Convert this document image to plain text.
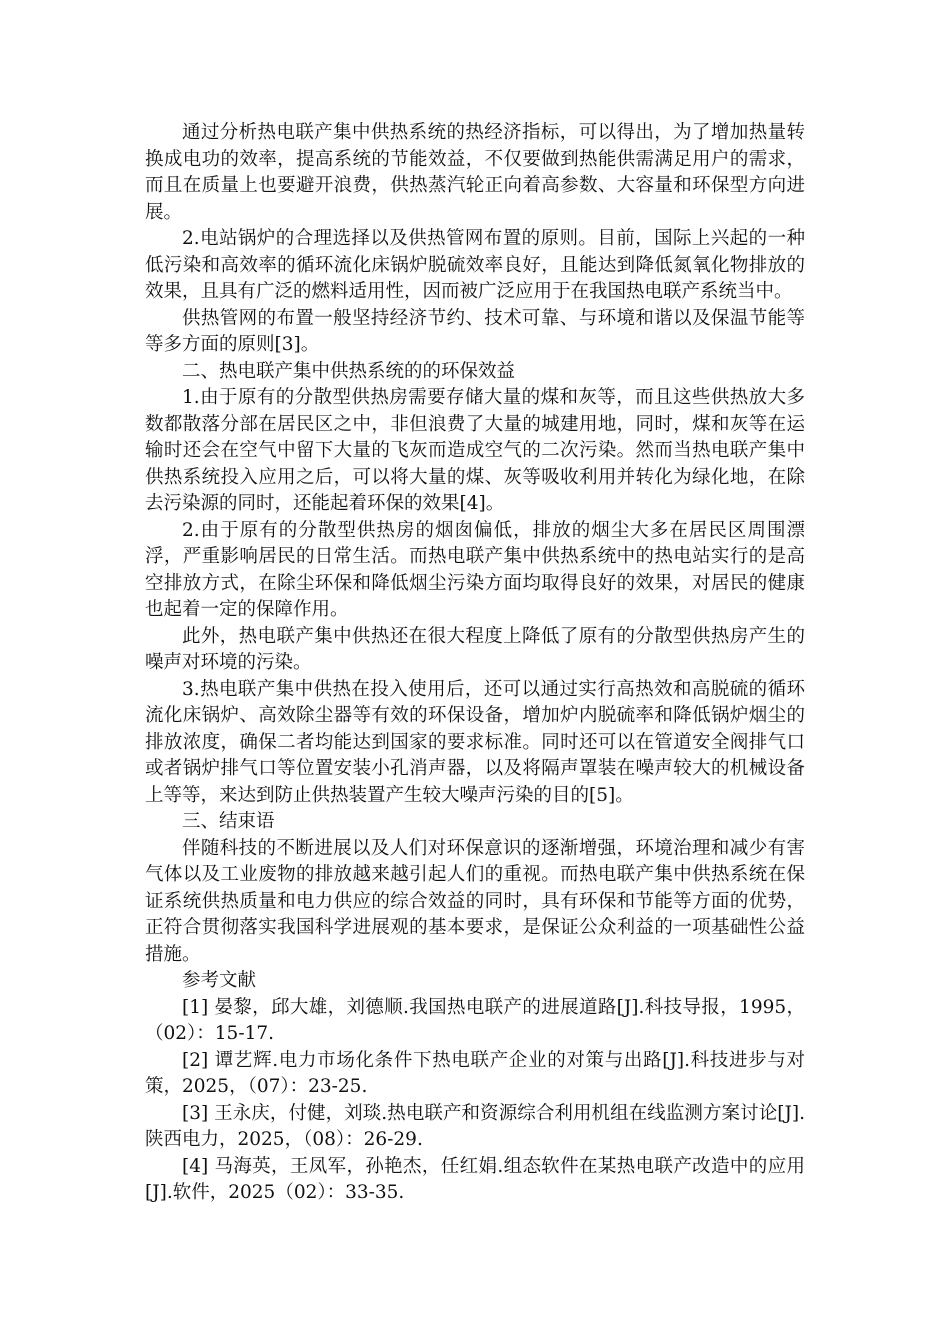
通过分析热电联产集中供热系统的热经济指标，可以得出，为了增加热量转换成电功的效率，提高系统的节能效益，不仅要做到热能供需满足用户的需求，而且在质量上也要避开浪费，供热蒸汽轮正向着高参数、大容量和环保型方向进展。

2.电站锅炉的合理选择以及供热管网布置的原则。目前，国际上兴起的一种低污染和高效率的循环流化床锅炉脱硫效率良好，且能达到降低氮氧化物排放的效果，且具有广泛的燃料适用性，因而被广泛应用于在我国热电联产系统当中。

供热管网的布置一般坚持经济节约、技术可靠、与环境和谐以及保温节能等等多方面的原则[3]。

二、热电联产集中供热系统的的环保效益

1.由于原有的分散型供热房需要存储大量的煤和灰等，而且这些供热放大多数都散落分部在居民区之中，非但浪费了大量的城建用地，同时，煤和灰等在运输时还会在空气中留下大量的飞灰而造成空气的二次污染。然而当热电联产集中供热系统投入应用之后，可以将大量的煤、灰等吸收利用并转化为绿化地，在除去污染源的同时，还能起着环保的效果[4]。

2.由于原有的分散型供热房的烟囱偏低，排放的烟尘大多在居民区周围漂浮，严重影响居民的日常生活。而热电联产集中供热系统中的热电站实行的是高空排放方式，在除尘环保和降低烟尘污染方面均取得良好的效果，对居民的健康也起着一定的保障作用。

此外，热电联产集中供热还在很大程度上降低了原有的分散型供热房产生的噪声对环境的污染。

3.热电联产集中供热在投入使用后，还可以通过实行高热效和高脱硫的循环流化床锅炉、高效除尘器等有效的环保设备，增加炉内脱硫率和降低锅炉烟尘的排放浓度，确保二者均能达到国家的要求标准。同时还可以在管道安全阀排气口或者锅炉排气口等位置安装小孔消声器，以及将隔声罩装在噪声较大的机械设备上等等，来达到防止供热装置产生较大噪声污染的目的[5]。

三、结束语

伴随科技的不断进展以及人们对环保意识的逐渐增强，环境治理和减少有害气体以及工业废物的排放越来越引起人们的重视。而热电联产集中供热系统在保证系统供热质量和电力供应的综合效益的同时，具有环保和节能等方面的优势，正符合贯彻落实我国科学进展观的基本要求，是保证公众利益的一项基础性公益措施。

参考文献

[1] 晏黎，邱大雄，刘德顺.我国热电联产的进展道路[J].科技导报，1995，（02）：15-17.

[2] 谭艺辉.电力市场化条件下热电联产企业的对策与出路[J].科技进步与对策，2025，（07）：23-25.

[3] 王永庆，付健，刘琰.热电联产和资源综合利用机组在线监测方案讨论[J].陕西电力，2025，（08）：26-29.

[4] 马海英，王凤军，孙艳杰，任红娟.组态软件在某热电联产改造中的应用[J].软件，2025（02）：33-35.
